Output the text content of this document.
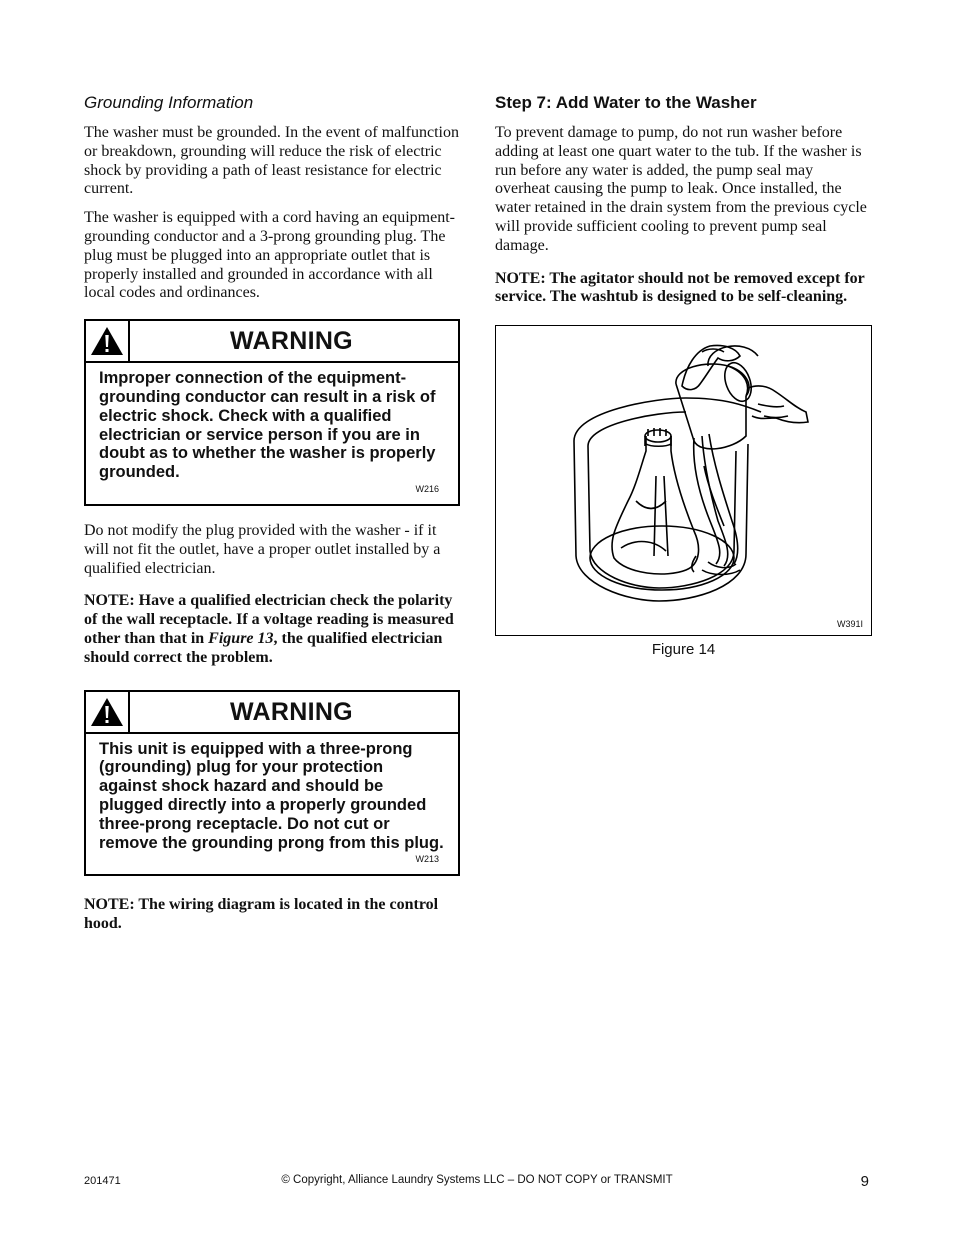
Grounding Information

The washer must be grounded. In the event of malfunction or breakdown, grounding will reduce the risk of electric shock by providing a path of least resistance for electric current.

The washer is equipped with a cord having an equipment-grounding conductor and a 3-prong grounding plug. The plug must be plugged into an appropriate outlet that is properly installed and grounded in accordance with all local codes and ordinances.

WARNING

Improper connection of the equipment-grounding conductor can result in a risk of electric shock. Check with a qualified electrician or service person if you are in doubt as to whether the washer is properly grounded.

W216

Do not modify the plug provided with the washer - if it will not fit the outlet, have a proper outlet installed by a qualified electrician.

NOTE: Have a qualified electrician check the polarity of the wall receptacle. If a voltage reading is measured other than that in Figure 13, the qualified electrician should correct the problem.

WARNING

This unit is equipped with a three-prong (grounding) plug for your protection against shock hazard and should be plugged directly into a properly grounded three-prong receptacle. Do not cut or remove the grounding prong from this plug.

W213

NOTE: The wiring diagram is located in the control hood.

Step 7: Add Water to the Washer

To prevent damage to pump, do not run washer before adding at least one quart water to the tub. If the washer is run before any water is added, the pump seal may overheat causing the pump to leak. Once installed, the water retained in the drain system from the previous cycle will provide sufficient cooling to prevent pump seal damage.

NOTE: The agitator should not be removed except for service. The washtub is designed to be self-cleaning.

W391I
Figure 14
201471	© Copyright, Alliance Laundry Systems LLC – DO NOT COPY or TRANSMIT	9
